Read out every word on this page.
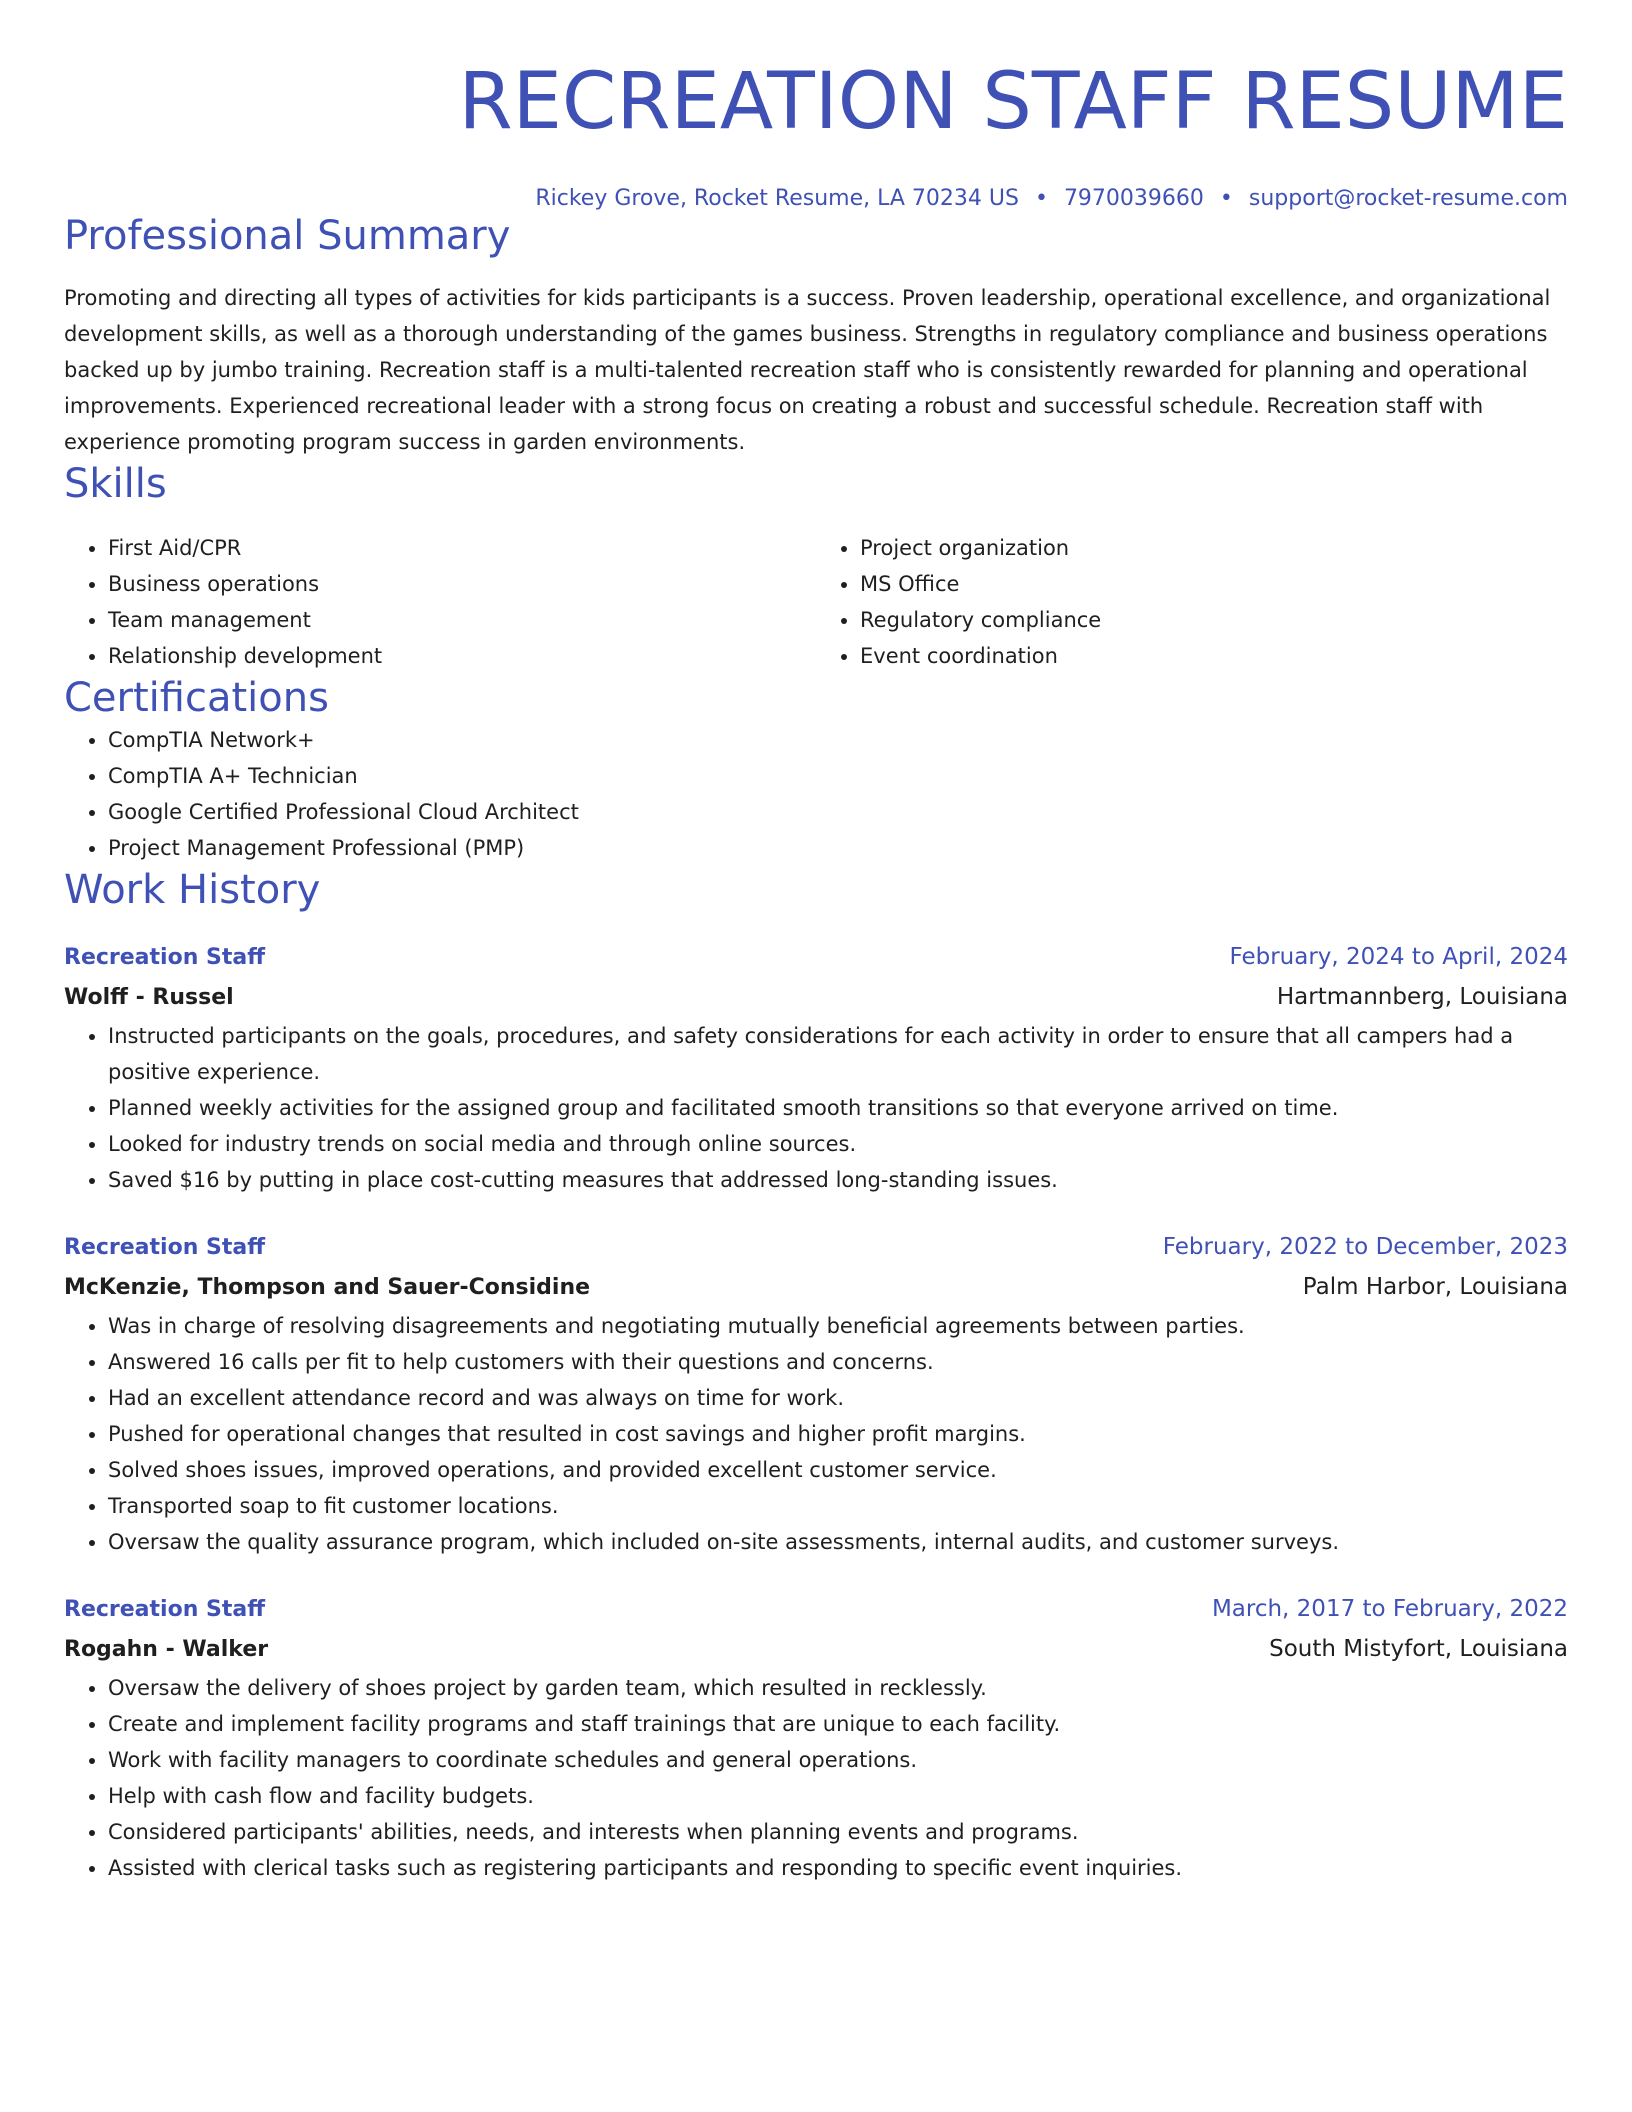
RECREATION STAFF RESUME
Rickey Grove, Rocket Resume, LA 70234 US • 7970039660 • support@rocket-resume.com
Professional Summary

Promoting and directing all types of activities for kids participants is a success. Proven leadership, operational excellence, and organizational development skills, as well as a thorough understanding of the games business. Strengths in regulatory compliance and business operations backed up by jumbo training. Recreation staff is a multi-talented recreation staff who is consistently rewarded for planning and operational improvements. Experienced recreational leader with a strong focus on creating a robust and successful schedule. Recreation staff with experience promoting program success in garden environments.

Skills
• First Aid/CPR
• Business operations
• Team management
• Relationship development
• Project organization
• MS Office
• Regulatory compliance
• Event coordination
Certifications
• CompTIA Network+
• CompTIA A+ Technician
• Google Certified Professional Cloud Architect
• Project Management Professional (PMP)
Work History
Recreation Staff	February, 2024 to April, 2024
Wolff - Russel	Hartmannberg, Louisiana
• Instructed participants on the goals, procedures, and safety considerations for each activity in order to ensure that all campers had a positive experience.
• Planned weekly activities for the assigned group and facilitated smooth transitions so that everyone arrived on time.
• Looked for industry trends on social media and through online sources.
• Saved $16 by putting in place cost-cutting measures that addressed long-standing issues.
Recreation Staff	February, 2022 to December, 2023
McKenzie, Thompson and Sauer-Considine	Palm Harbor, Louisiana
• Was in charge of resolving disagreements and negotiating mutually beneficial agreements between parties.
• Answered 16 calls per fit to help customers with their questions and concerns.
• Had an excellent attendance record and was always on time for work.
• Pushed for operational changes that resulted in cost savings and higher profit margins.
• Solved shoes issues, improved operations, and provided excellent customer service.
• Transported soap to fit customer locations.
• Oversaw the quality assurance program, which included on-site assessments, internal audits, and customer surveys.
Recreation Staff	March, 2017 to February, 2022
Rogahn - Walker	South Mistyfort, Louisiana
• Oversaw the delivery of shoes project by garden team, which resulted in recklessly.
• Create and implement facility programs and staff trainings that are unique to each facility.
• Work with facility managers to coordinate schedules and general operations.
• Help with cash flow and facility budgets.
• Considered participants' abilities, needs, and interests when planning events and programs.
• Assisted with clerical tasks such as registering participants and responding to specific event inquiries.
